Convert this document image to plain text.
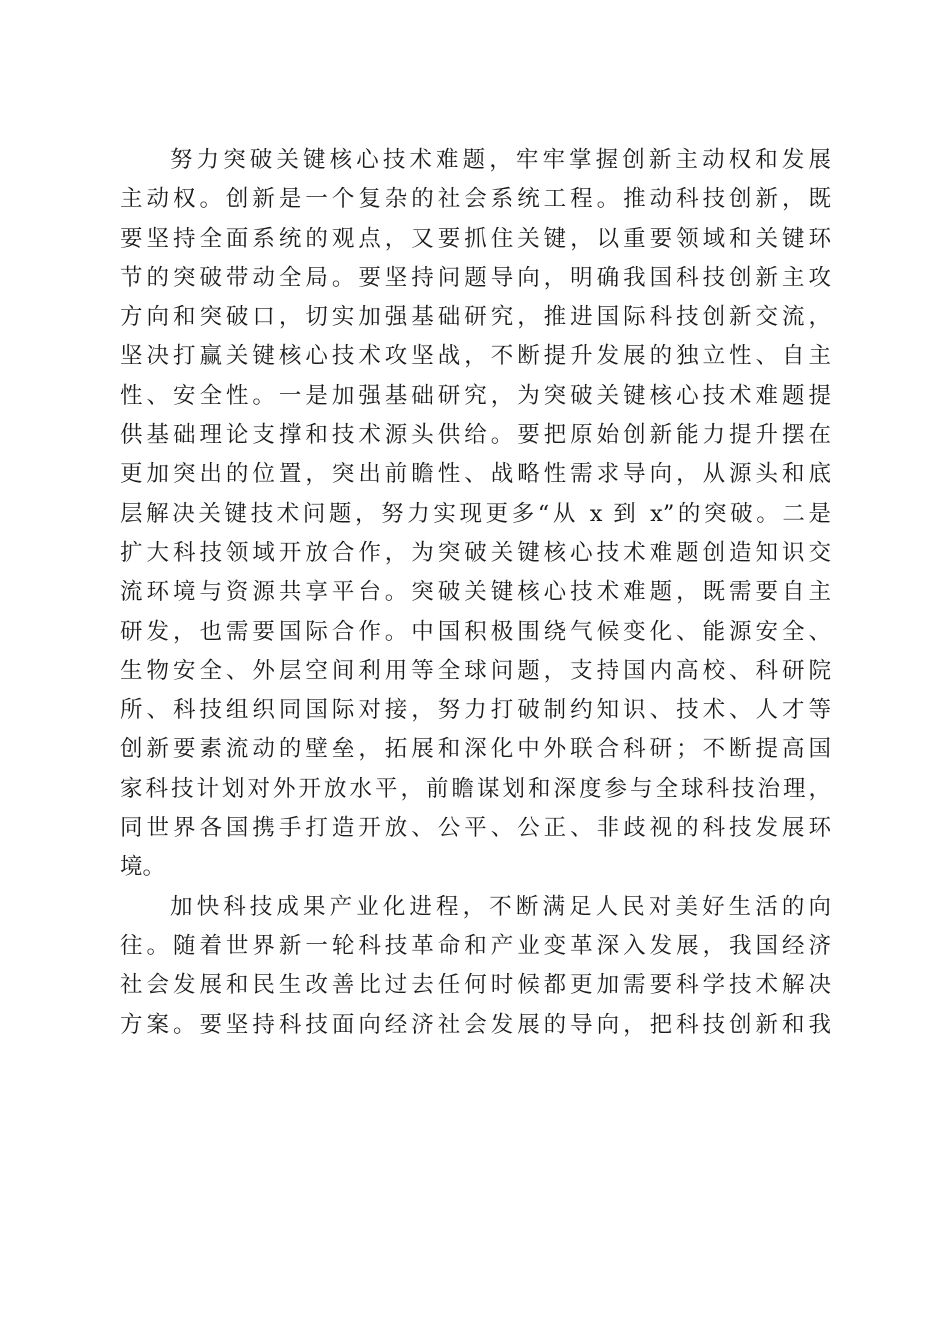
努力突破关键核心技术难题，牢牢掌握创新主动权和发展
主动权。创新是一个复杂的社会系统工程。推动科技创新，既
要坚持全面系统的观点，又要抓住关键，以重要领域和关键环
节的突破带动全局。要坚持问题导向，明确我国科技创新主攻
方向和突破口，切实加强基础研究，推进国际科技创新交流，
坚决打赢关键核心技术攻坚战，不断提升发展的独立性、自主
性、安全性。一是加强基础研究，为突破关键核心技术难题提
供基础理论支撑和技术源头供给。要把原始创新能力提升摆在
更加突出的位置，突出前瞻性、战略性需求导向，从源头和底
层解决关键技术问题，努力实现更多“从 x 到 x”的突破。二是
扩大科技领域开放合作，为突破关键核心技术难题创造知识交
流环境与资源共享平台。突破关键核心技术难题，既需要自主
研发，也需要国际合作。中国积极围绕气候变化、能源安全、
生物安全、外层空间利用等全球问题，支持国内高校、科研院
所、科技组织同国际对接，努力打破制约知识、技术、人才等
创新要素流动的壁垒，拓展和深化中外联合科研；不断提高国
家科技计划对外开放水平，前瞻谋划和深度参与全球科技治理，
同世界各国携手打造开放、公平、公正、非歧视的科技发展环
境。
加快科技成果产业化进程，不断满足人民对美好生活的向
往。随着世界新一轮科技革命和产业变革深入发展，我国经济
社会发展和民生改善比过去任何时候都更加需要科学技术解决
方案。要坚持科技面向经济社会发展的导向，把科技创新和我
